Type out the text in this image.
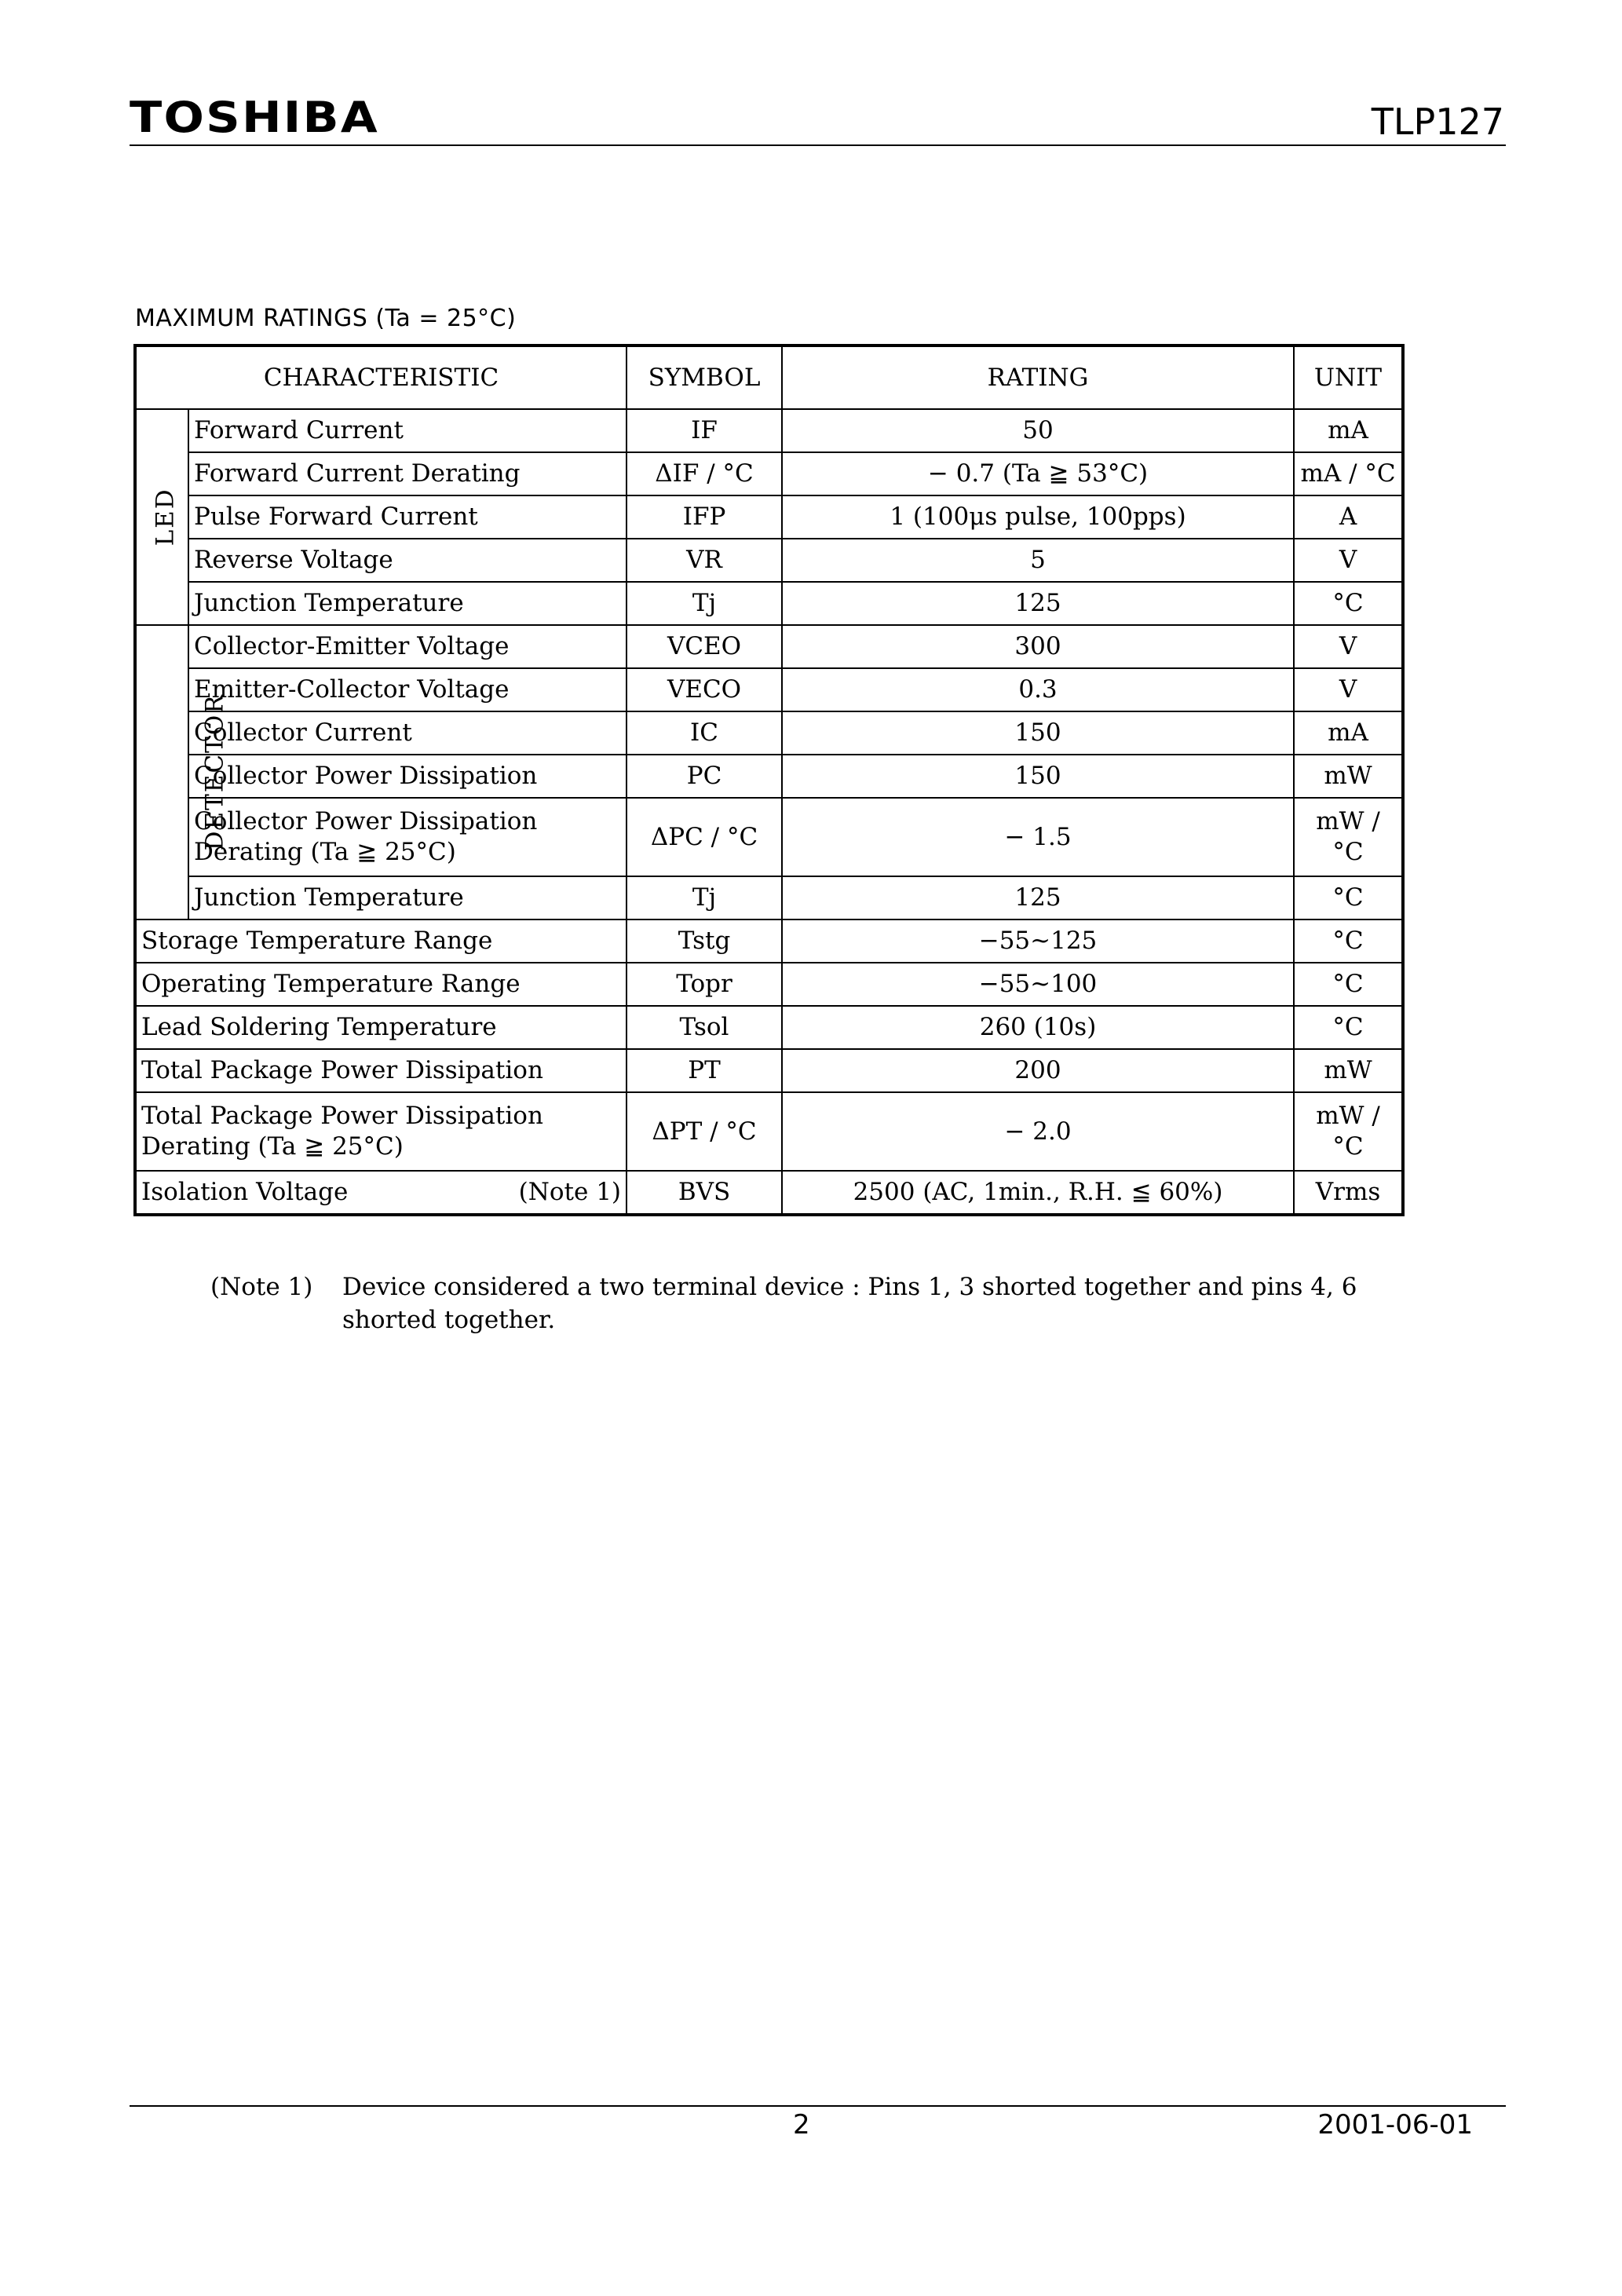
TOSHIBA	TLP127
MAXIMUM RATINGS (Ta = 25°C)
CHARACTERISTIC		SYMBOL	RATING	UNIT
LED	Forward Current	IF	50	mA
	Forward Current Derating	ΔIF / °C	− 0.7 (Ta ≧ 53°C)	mA / °C
	Pulse Forward Current	IFP	1 (100μs pulse, 100pps)	A
	Reverse Voltage	VR	5	V
	Junction Temperature	Tj	125	°C
DETECTOR	Collector-Emitter Voltage	VCEO	300	V
	Emitter-Collector Voltage	VECO	0.3	V
	Collector Current	IC	150	mA
	Collector Power Dissipation	PC	150	mW
	Collector Power Dissipation Derating (Ta ≧ 25°C)	ΔPC / °C	− 1.5	mW / °C
	Junction Temperature	Tj	125	°C
Storage Temperature Range		Tstg	−55~125	°C
Operating Temperature Range		Topr	−55~100	°C
Lead Soldering Temperature		Tsol	260 (10s)	°C
Total Package Power Dissipation		PT	200	mW
Total Package Power Dissipation Derating (Ta ≧ 25°C)		ΔPT / °C	− 2.0	mW / °C
Isolation Voltage (Note 1)		BVS	2500 (AC, 1min., R.H. ≦ 60%)	Vrms
(Note 1)	Device considered a two terminal device : Pins 1, 3 shorted together and pins 4, 6 shorted together.
2	2001-06-01
